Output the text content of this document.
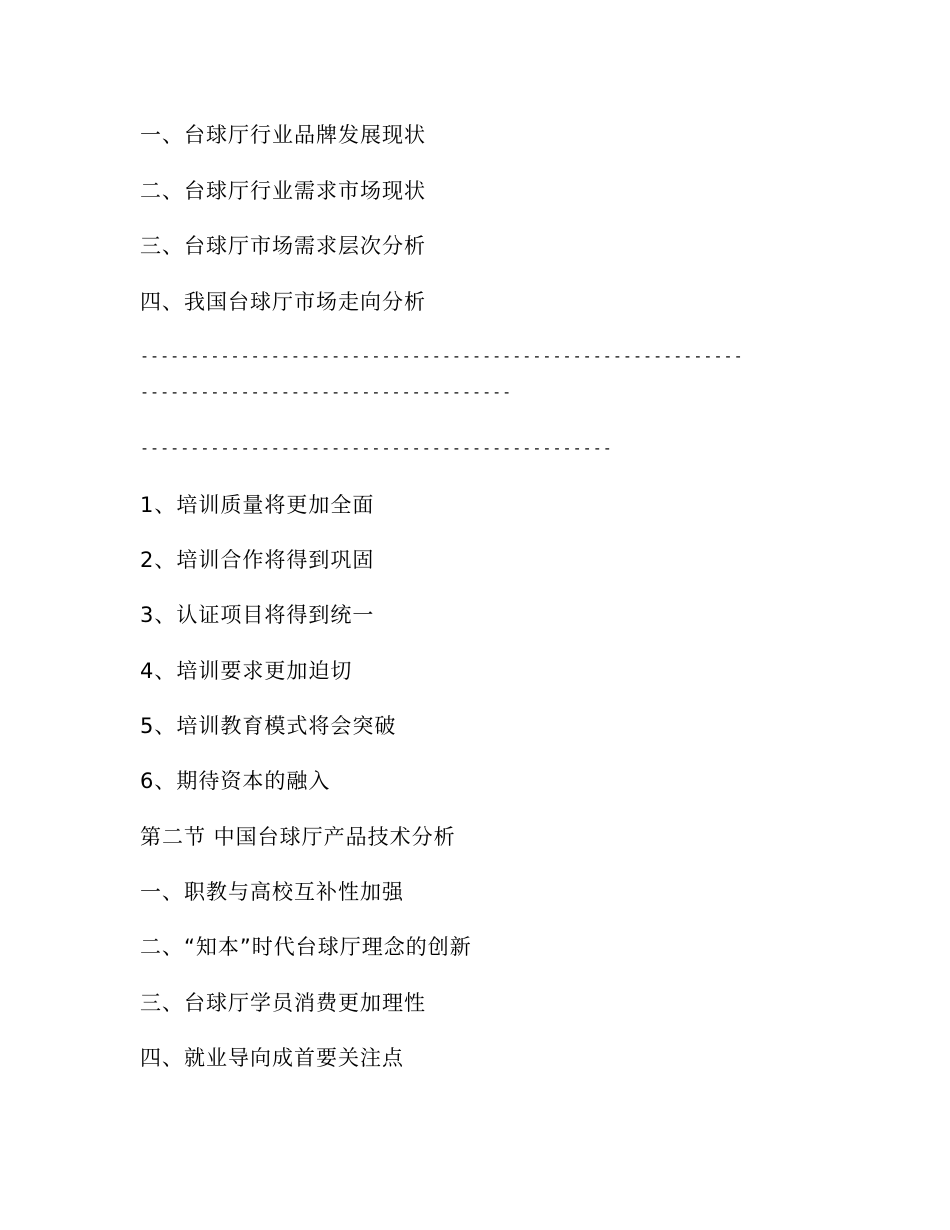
一、台球厅行业品牌发展现状
二、台球厅行业需求市场现状
三、台球厅市场需求层次分析
四、我国台球厅市场走向分析
------------------------------------------------------------
-------------------------------------
-----------------------------------------------
1、培训质量将更加全面
2、培训合作将得到巩固
3、认证项目将得到统一
4、培训要求更加迫切
5、培训教育模式将会突破
6、期待资本的融入
第二节 中国台球厅产品技术分析
一、职教与高校互补性加强
二、“知本”时代台球厅理念的创新
三、台球厅学员消费更加理性
四、就业导向成首要关注点
